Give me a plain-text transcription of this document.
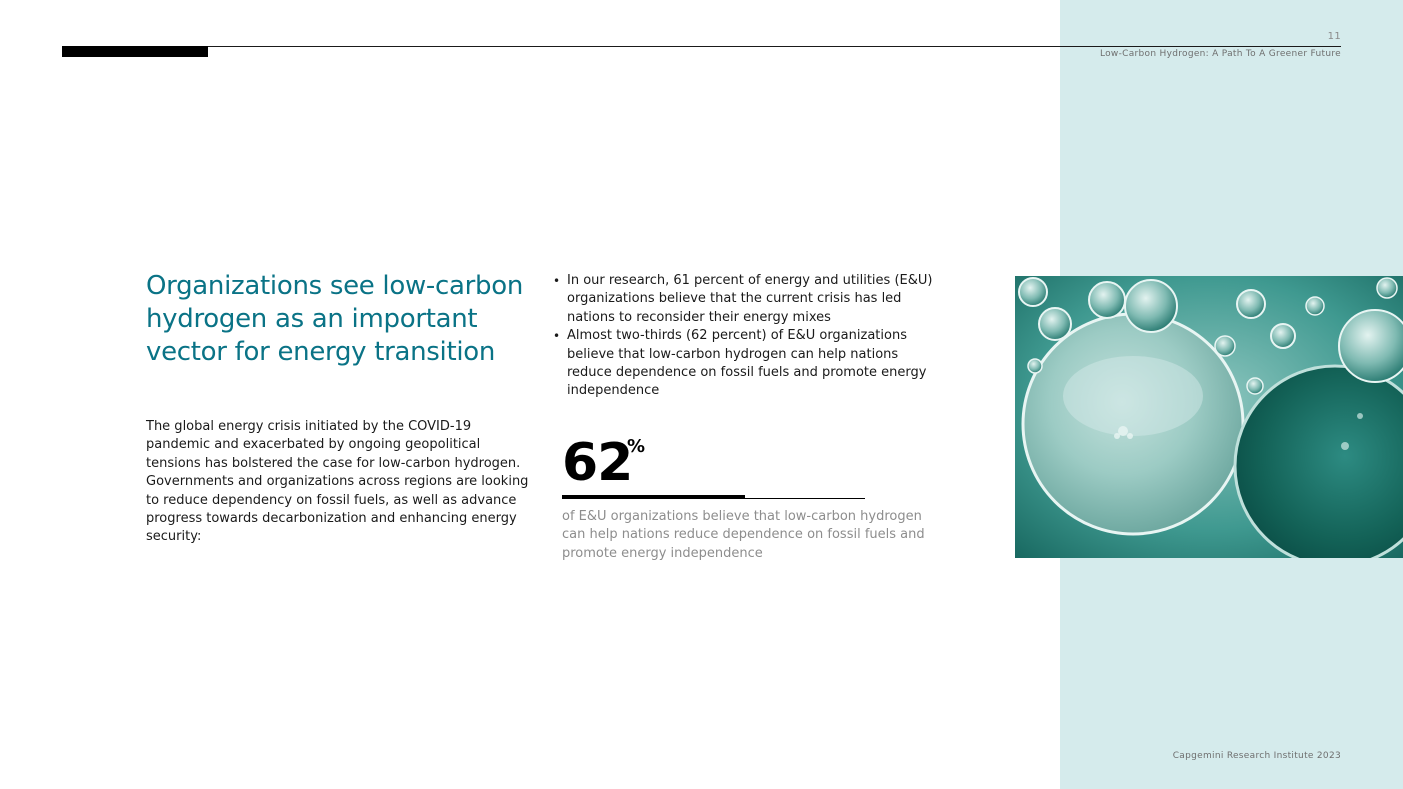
11
Low-Carbon Hydrogen: A Path To A Greener Future
Organizations see low-carbon hydrogen as an important vector for energy transition

The global energy crisis initiated by the COVID-19 pandemic and exacerbated by ongoing geopolitical tensions has bolstered the case for low-carbon hydrogen. Governments and organizations across regions are looking to reduce dependency on fossil fuels, as well as advance progress towards decarbonization and enhancing energy security:

• In our research, 61 percent of energy and utilities (E&U) organizations believe that the current crisis has led nations to reconsider their energy mixes
• Almost two-thirds (62 percent) of E&U organizations believe that low-carbon hydrogen can help nations reduce dependence on fossil fuels and promote energy independence
62
%

of E&U organizations believe that low-carbon hydrogen can help nations reduce dependence on fossil fuels and promote energy independence

Capgemini Research Institute 2023
